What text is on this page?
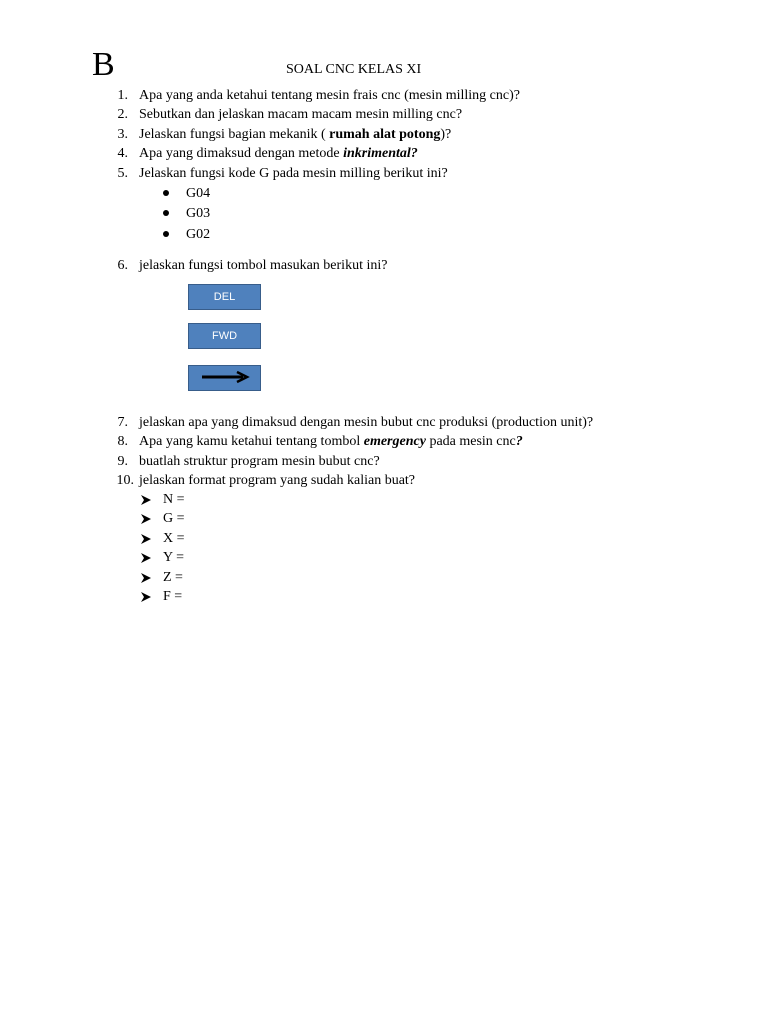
B	SOAL CNC KELAS XI
1. Apa yang anda ketahui tentang mesin frais cnc (mesin milling cnc)?
2. Sebutkan dan jelaskan macam macam mesin milling cnc?
3. Jelaskan fungsi bagian mekanik ( rumah alat potong)?
4. Apa yang dimaksud dengan metode inkrimental?
5. Jelaskan fungsi kode G pada mesin milling berikut ini?
G04
G03
G02
6. jelaskan fungsi tombol masukan berikut ini?
DEL
FWD
7. jelaskan apa yang dimaksud dengan mesin bubut cnc produksi (production unit)?
8. Apa yang kamu ketahui tentang tombol emergency pada mesin cnc?
9. buatlah struktur program mesin bubut cnc?
10. jelaskan format program yang sudah kalian buat?
N =
G =
X =
Y =
Z =
F =
